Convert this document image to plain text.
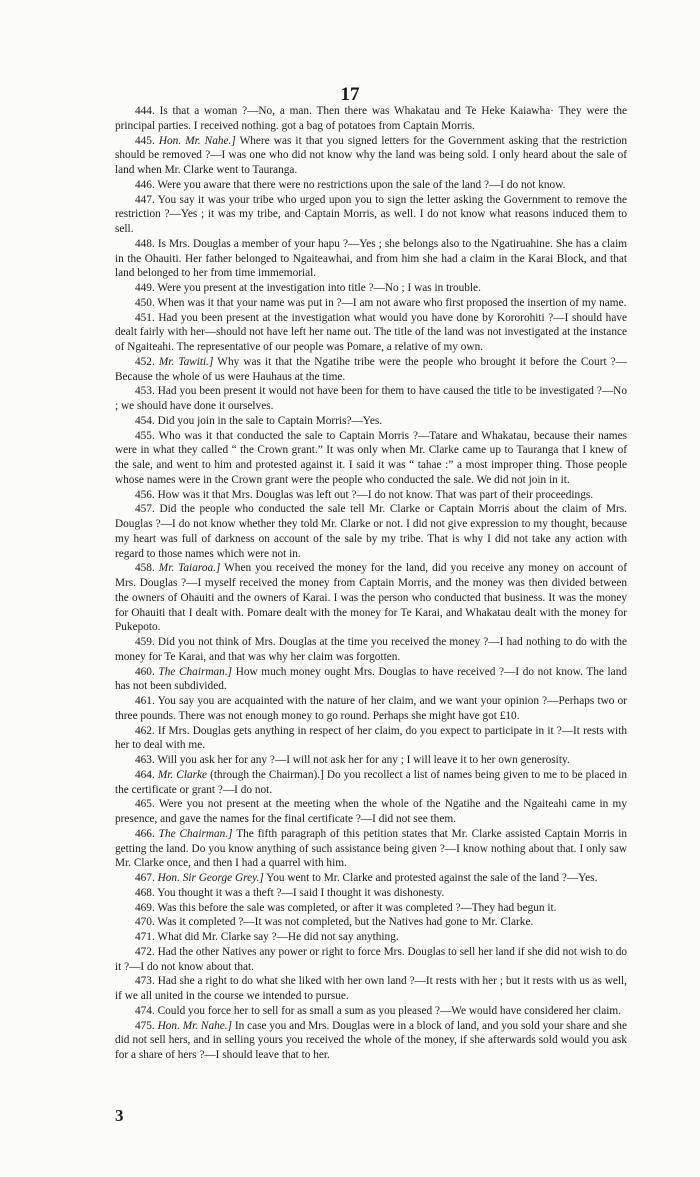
17

444. Is that a woman ?—No, a man. Then there was Whakatau and Te Heke Kaiawha· They were the principal parties. I received nothing. got a bag of potatoes from Captain Morris.

445. Hon. Mr. Nahe.] Where was it that you signed letters for the Government asking that the restriction should be removed ?—I was one who did not know why the land was being sold. I only heard about the sale of land when Mr. Clarke went to Tauranga.

446. Were you aware that there were no restrictions upon the sale of the land ?—I do not know.

447. You say it was your tribe who urged upon you to sign the letter asking the Government to remove the restriction ?—Yes ; it was my tribe, and Captain Morris, as well. I do not know what reasons induced them to sell.

448. Is Mrs. Douglas a member of your hapu ?—Yes ; she belongs also to the Ngatiruahine. She has a claim in the Ohauiti. Her father belonged to Ngaiteawhai, and from him she had a claim in the Karai Block, and that land belonged to her from time immemorial.

449. Were you present at the investigation into title ?—No ; I was in trouble.

450. When was it that your name was put in ?—I am not aware who first proposed the insertion of my name.

451. Had you been present at the investigation what would you have done by Kororohiti ?—I should have dealt fairly with her—should not have left her name out. The title of the land was not investigated at the instance of Ngaiteahi. The representative of our people was Pomare, a relative of my own.

452. Mr. Tawiti.] Why was it that the Ngatihe tribe were the people who brought it before the Court ?—Because the whole of us were Hauhaus at the time.

453. Had you been present it would not have been for them to have caused the title to be investigated ?—No ; we should have done it ourselves.

454. Did you join in the sale to Captain Morris?—Yes.

455. Who was it that conducted the sale to Captain Morris ?—Tatare and Whakatau, because their names were in what they called “ the Crown grant.” It was only when Mr. Clarke came up to Tauranga that I knew of the sale, and went to him and protested against it. I said it was “ tahae :” a most improper thing. Those people whose names were in the Crown grant were the people who conducted the sale. We did not join in it.

456. How was it that Mrs. Douglas was left out ?—I do not know. That was part of their proceedings.

457. Did the people who conducted the sale tell Mr. Clarke or Captain Morris about the claim of Mrs. Douglas ?—I do not know whether they told Mr. Clarke or not. I did not give expression to my thought, because my heart was full of darkness on account of the sale by my tribe. That is why I did not take any action with regard to those names which were not in.

458. Mr. Taiaroa.] When you received the money for the land, did you receive any money on account of Mrs. Douglas ?—I myself received the money from Captain Morris, and the money was then divided between the owners of Ohauiti and the owners of Karai. I was the person who conducted that business. It was the money for Ohauiti that I dealt with. Pomare dealt with the money for Te Karai, and Whakatau dealt with the money for Pukepoto.

459. Did you not think of Mrs. Douglas at the time you received the money ?—I had nothing to do with the money for Te Karai, and that was why her claim was forgotten.

460. The Chairman.] How much money ought Mrs. Douglas to have received ?—I do not know. The land has not been subdivided.

461. You say you are acquainted with the nature of her claim, and we want your opinion ?—Perhaps two or three pounds. There was not enough money to go round. Perhaps she might have got £10.

462. If Mrs. Douglas gets anything in respect of her claim, do you expect to participate in it ?—It rests with her to deal with me.

463. Will you ask her for any ?—I will not ask her for any ; I will leave it to her own generosity.

464. Mr. Clarke (through the Chairman).] Do you recollect a list of names being given to me to be placed in the certificate or grant ?—I do not.

465. Were you not present at the meeting when the whole of the Ngatihe and the Ngaiteahi came in my presence, and gave the names for the final certificate ?—I did not see them.

466. The Chairman.] The fifth paragraph of this petition states that Mr. Clarke assisted Captain Morris in getting the land. Do you know anything of such assistance being given ?—I know nothing about that. I only saw Mr. Clarke once, and then I had a quarrel with him.

467. Hon. Sir George Grey.] You went to Mr. Clarke and protested against the sale of the land ?—Yes.

468. You thought it was a theft ?—I said I thought it was dishonesty.

469. Was this before the sale was completed, or after it was completed ?—They had begun it.

470. Was it completed ?—It was not completed, but the Natives had gone to Mr. Clarke.

471. What did Mr. Clarke say ?—He did not say anything.

472. Had the other Natives any power or right to force Mrs. Douglas to sell her land if she did not wish to do it ?—I do not know about that.

473. Had she a right to do what she liked with her own land ?—It rests with her ; but it rests with us as well, if we all united in the course we intended to pursue.

474. Could you force her to sell for as small a sum as you pleased ?—We would have considered her claim.

475. Hon. Mr. Nahe.] In case you and Mrs. Douglas were in a block of land, and you sold your share and she did not sell hers, and in selling yours you received the whole of the money, if she afterwards sold would you ask for a share of hers ?—I should leave that to her.

3
